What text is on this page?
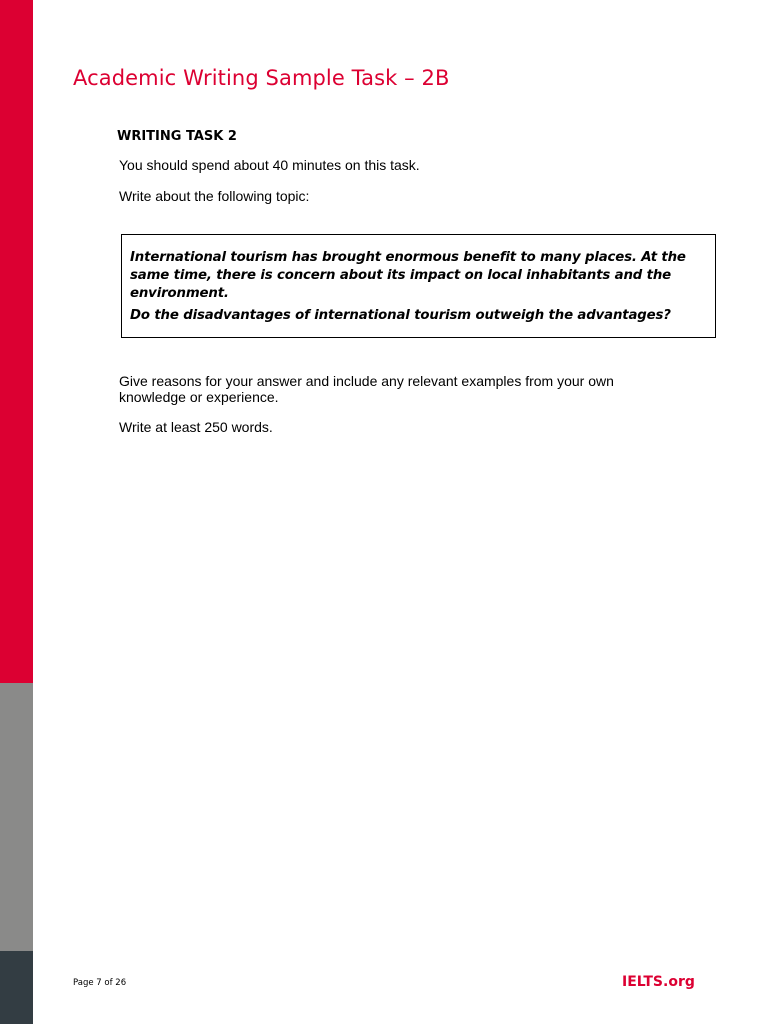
Academic Writing Sample Task – 2B
WRITING TASK 2
You should spend about 40 minutes on this task.
Write about the following topic:
International tourism has brought enormous benefit to many places. At the same time, there is concern about its impact on local inhabitants and the environment.
Do the disadvantages of international tourism outweigh the advantages?
Give reasons for your answer and include any relevant examples from your own knowledge or experience.
Write at least 250 words.
Page 7 of 26	IELTS.org
